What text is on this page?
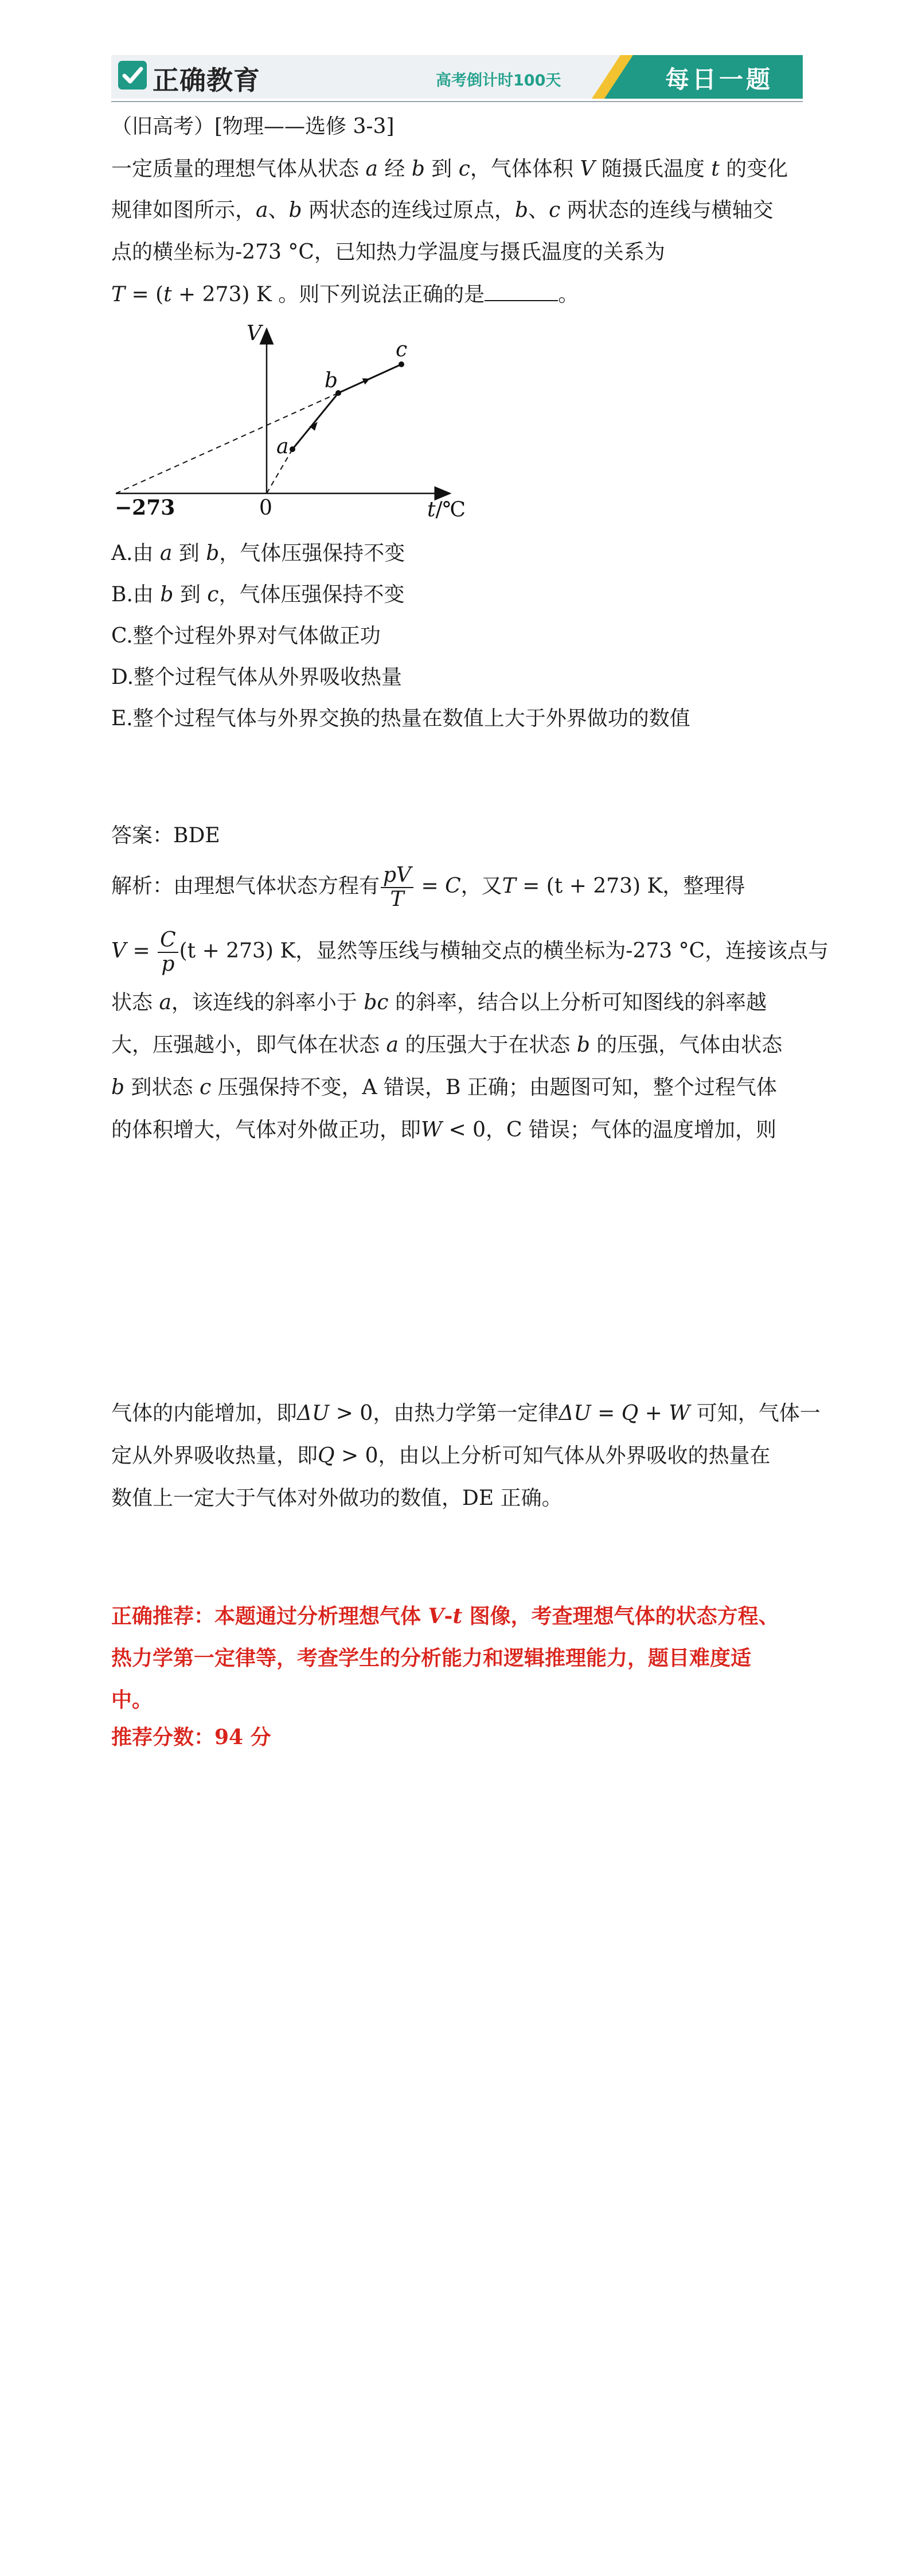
正确教育	高考倒计时100天	每日一题
（旧高考）[物理——选修 3-3]
一定质量的理想气体从状态 a 经 b 到 c，气体体积 V 随摄氏温度 t 的变化
规律如图所示，a、b 两状态的连线过原点，b、c 两状态的连线与横轴交
点的横坐标为-273 °C，已知热力学温度与摄氏温度的关系为
T = (t + 273) K 。则下列说法正确的是	。
V
t/℃
0
−273
a
b
c
A.由 a 到 b，气体压强保持不变
B.由 b 到 c，气体压强保持不变
C.整个过程外界对气体做正功
D.整个过程气体从外界吸收热量
E.整个过程气体与外界交换的热量在数值上大于外界做功的数值
答案：BDE
解析：由理想气体状态方程有 $\frac{pV}{T} = C$，又T = (t + 273) K，整理得
$V = \frac{C}{p} (t + 273)$ K，显然等压线与横轴交点的横坐标为-273 °C，连接该点与
状态 a，该连线的斜率小于 bc 的斜率，结合以上分析可知图线的斜率越
大，压强越小，即气体在状态 a 的压强大于在状态 b 的压强，气体由状态
b 到状态 c 压强保持不变，A 错误，B 正确；由题图可知，整个过程气体
的体积增大，气体对外做正功，即W < 0，C 错误；气体的温度增加，则
气体的内能增加，即ΔU > 0，由热力学第一定律ΔU = Q + W 可知，气体一
定从外界吸收热量，即Q > 0，由以上分析可知气体从外界吸收的热量在
数值上一定大于气体对外做功的数值，DE 正确。
正确推荐：本题通过分析理想气体 V-t 图像，考查理想气体的状态方程、
热力学第一定律等，考查学生的分析能力和逻辑推理能力，题目难度适
中。
推荐分数：94 分
